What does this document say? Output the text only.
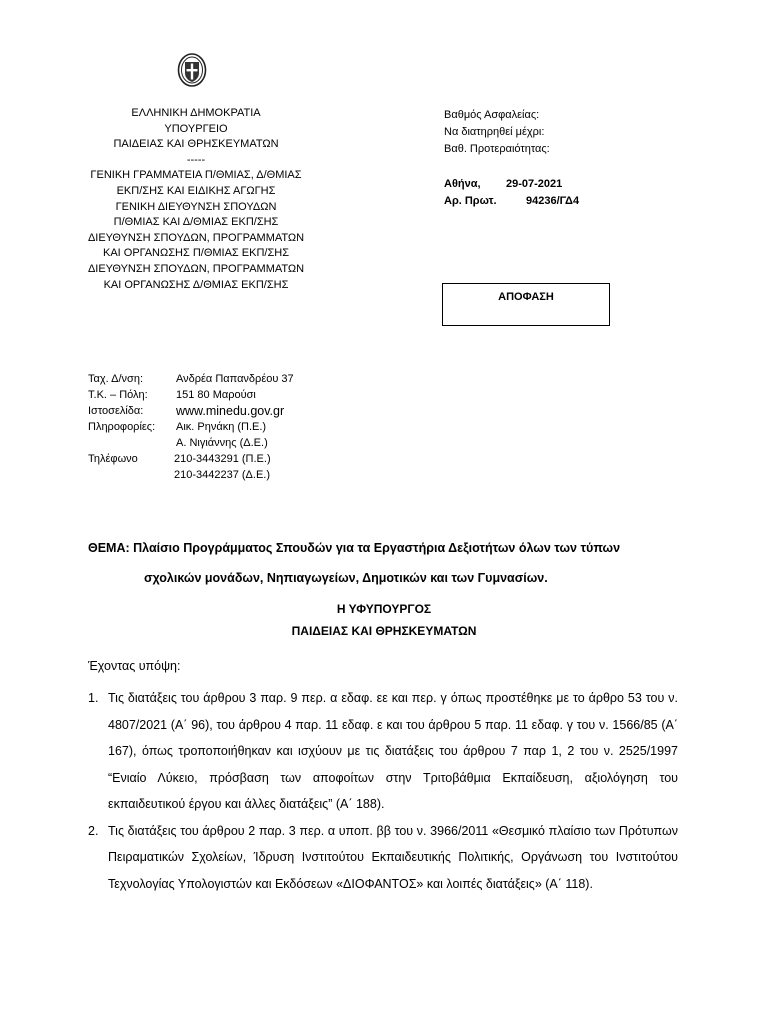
ΕΛΛΗΝΙΚΗ ΔΗΜΟΚΡΑΤΙΑ
ΥΠΟΥΡΓΕΙΟ
ΠΑΙΔΕΙΑΣ ΚΑΙ ΘΡΗΣΚΕΥΜΑΤΩΝ
-----
ΓΕΝΙΚΗ ΓΡΑΜΜΑΤΕΙΑ Π/ΘΜΙΑΣ, Δ/ΘΜΙΑΣ
ΕΚΠ/ΣΗΣ ΚΑΙ ΕΙΔΙΚΗΣ ΑΓΩΓΗΣ
ΓΕΝΙΚΗ ΔΙΕΥΘΥΝΣΗ ΣΠΟΥΔΩΝ
Π/ΘΜΙΑΣ ΚΑΙ Δ/ΘΜΙΑΣ ΕΚΠ/ΣΗΣ
ΔΙΕΥΘΥΝΣΗ ΣΠΟΥΔΩΝ, ΠΡΟΓΡΑΜΜΑΤΩΝ
ΚΑΙ ΟΡΓΑΝΩΣΗΣ Π/ΘΜΙΑΣ ΕΚΠ/ΣΗΣ
ΔΙΕΥΘΥΝΣΗ ΣΠΟΥΔΩΝ, ΠΡΟΓΡΑΜΜΑΤΩΝ
ΚΑΙ ΟΡΓΑΝΩΣΗΣ Δ/ΘΜΙΑΣ ΕΚΠ/ΣΗΣ
Βαθμός Ασφαλείας:
Να διατηρηθεί μέχρι:
Βαθ. Προτεραιότητας:
Αθήνα, 29-07-2021
Αρ. Πρωτ.	94236/ΓΔ4
ΑΠΟΦΑΣΗ
Ταχ. Δ/νση:	Ανδρέα Παπανδρέου 37
Τ.Κ. – Πόλη:	151 80 Μαρούσι
Ιστοσελίδα:	www.minedu.gov.gr
Πληροφορίες:	Αικ. Ρηνάκη (Π.Ε.)
Α. Νιγιάννης (Δ.Ε.)
Τηλέφωνο	210-3443291 (Π.Ε.)
210-3442237 (Δ.Ε.)
ΘΕΜΑ: Πλαίσιο Προγράμματος Σπουδών για τα Εργαστήρια Δεξιοτήτων όλων των τύπων
σχολικών μονάδων, Νηπιαγωγείων, Δημοτικών και των Γυμνασίων.
Η ΥΦΥΠΟΥΡΓΟΣ
ΠΑΙΔΕΙΑΣ ΚΑΙ ΘΡΗΣΚΕΥΜΑΤΩΝ
Έχοντας υπόψη:
1. Τις διατάξεις του άρθρου 3 παρ. 9 περ. α εδαφ. εε και περ. γ όπως προστέθηκε με το άρθρο 53 του ν. 4807/2021 (Α΄ 96), του άρθρου 4 παρ. 11 εδαφ. ε και του άρθρου 5 παρ. 11 εδαφ. γ του ν. 1566/85 (Α΄ 167), όπως τροποποιήθηκαν και ισχύουν με τις διατάξεις του άρθρου 7 παρ 1, 2 του ν. 2525/1997 “Ενιαίο Λύκειο, πρόσβαση των αποφοίτων στην Τριτοβάθμια Εκπαίδευση, αξιολόγηση του εκπαιδευτικού έργου και άλλες διατάξεις” (Α΄ 188).
2. Τις διατάξεις του άρθρου 2 παρ. 3 περ. α υποπ. ββ του ν. 3966/2011 «Θεσμικό πλαίσιο των Πρότυπων Πειραματικών Σχολείων, Ίδρυση Ινστιτούτου Εκπαιδευτικής Πολιτικής, Οργάνωση του Ινστιτούτου Τεχνολογίας Υπολογιστών και Εκδόσεων «ΔΙΟΦΑΝΤΟΣ» και λοιπές διατάξεις» (Α΄ 118).
